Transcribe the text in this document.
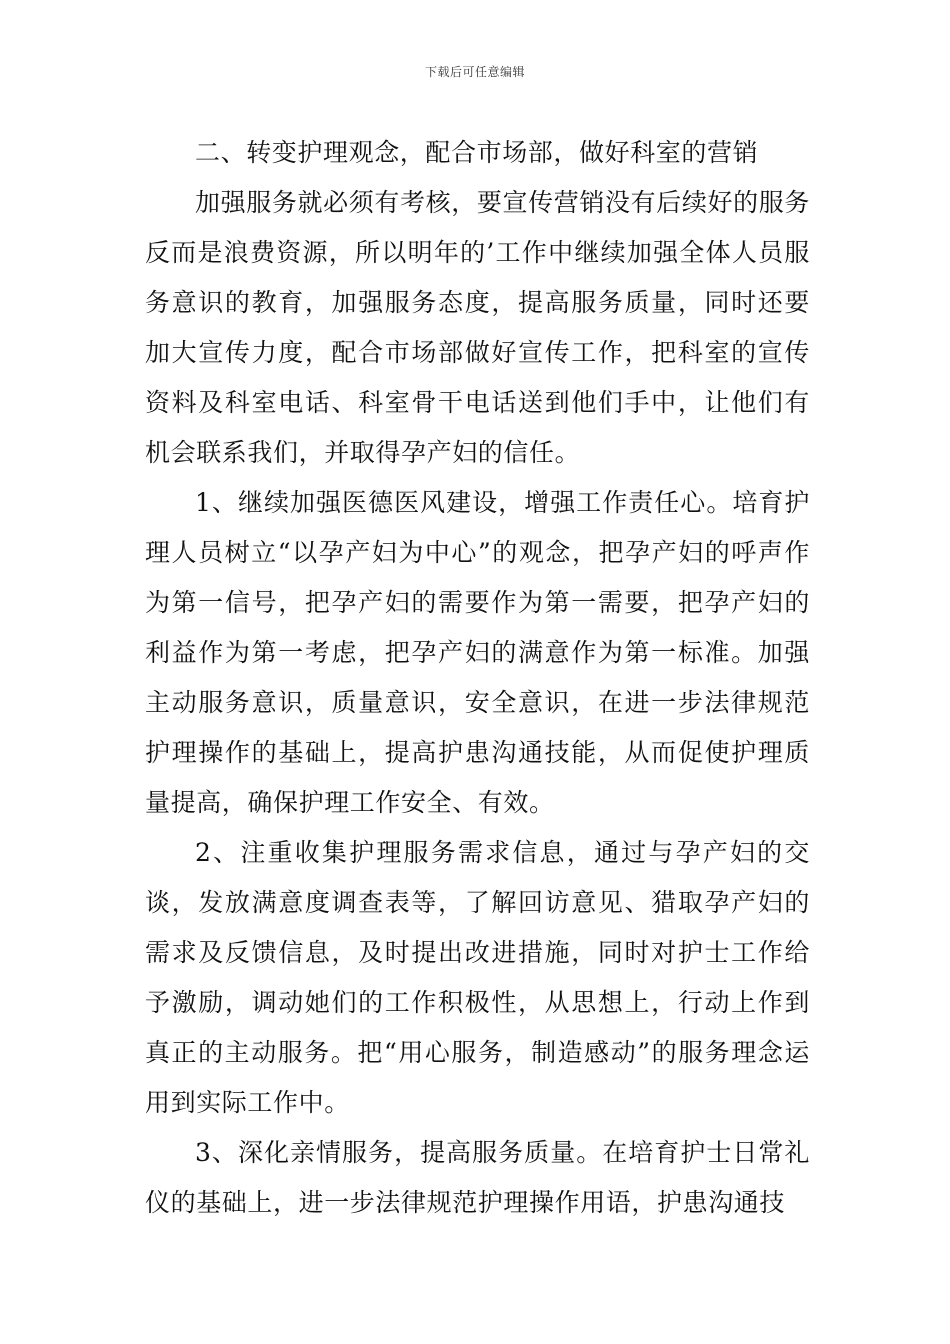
下载后可任意编辑

二、转变护理观念，配合市场部，做好科室的营销

加强服务就必须有考核，要宣传营销没有后续好的服务反而是浪费资源，所以明年的’工作中继续加强全体人员服务意识的教育，加强服务态度，提高服务质量，同时还要加大宣传力度，配合市场部做好宣传工作，把科室的宣传资料及科室电话、科室骨干电话送到他们手中，让他们有机会联系我们，并取得孕产妇的信任。

1、继续加强医德医风建设，增强工作责任心。培育护理人员树立“以孕产妇为中心”的观念，把孕产妇的呼声作为第一信号，把孕产妇的需要作为第一需要，把孕产妇的利益作为第一考虑，把孕产妇的满意作为第一标准。加强主动服务意识，质量意识，安全意识，在进一步法律规范护理操作的基础上，提高护患沟通技能，从而促使护理质量提高，确保护理工作安全、有效。

2、注重收集护理服务需求信息，通过与孕产妇的交谈，发放满意度调查表等，了解回访意见、猎取孕产妇的需求及反馈信息，及时提出改进措施，同时对护士工作给予激励，调动她们的工作积极性，从思想上，行动上作到真正的主动服务。把“用心服务，制造感动”的服务理念运用到实际工作中。

3、深化亲情服务，提高服务质量。在培育护士日常礼仪的基础上，进一步法律规范护理操作用语，护患沟通技
